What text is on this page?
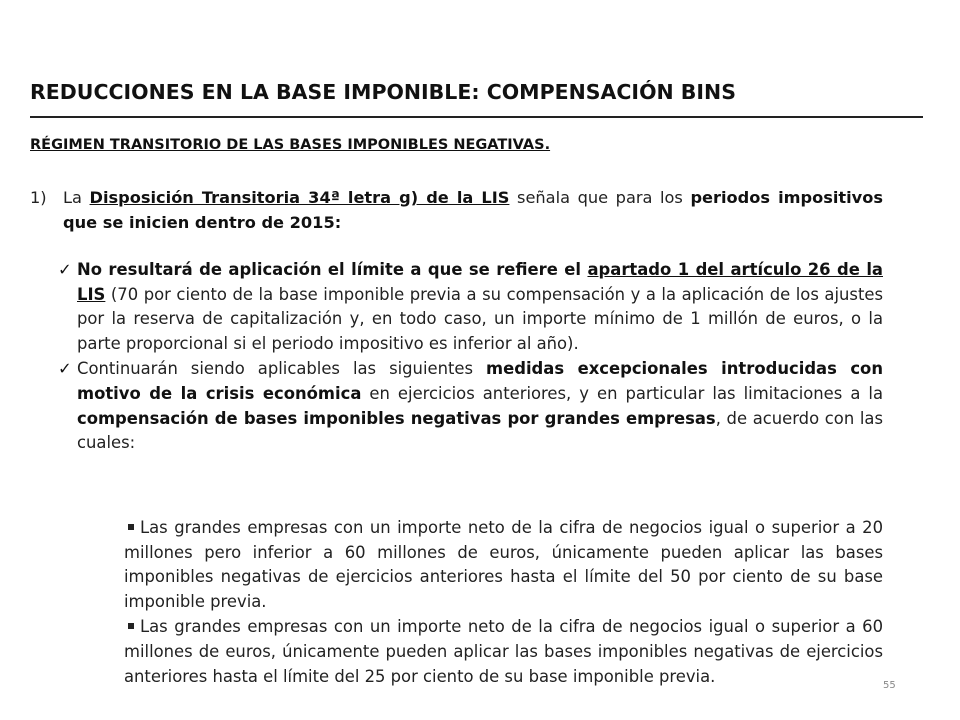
REDUCCIONES EN LA BASE IMPONIBLE: COMPENSACIÓN BINS
RÉGIMEN TRANSITORIO DE LAS BASES IMPONIBLES NEGATIVAS.
1) La Disposición Transitoria 34ª letra g) de la LIS señala que para los periodos impositivos que se inicien dentro de 2015:
✓ No resultará de aplicación el límite a que se refiere el apartado 1 del artículo 26 de la LIS (70 por ciento de la base imponible previa a su compensación y a la aplicación de los ajustes por la reserva de capitalización y, en todo caso, un importe mínimo de 1 millón de euros, o la parte proporcional si el periodo impositivo es inferior al año).
✓ Continuarán siendo aplicables las siguientes medidas excepcionales introducidas con motivo de la crisis económica en ejercicios anteriores, y en particular las limitaciones a la compensación de bases imponibles negativas por grandes empresas, de acuerdo con las cuales:
Las grandes empresas con un importe neto de la cifra de negocios igual o superior a 20 millones pero inferior a 60 millones de euros, únicamente pueden aplicar las bases imponibles negativas de ejercicios anteriores hasta el límite del 50 por ciento de su base imponible previa.
Las grandes empresas con un importe neto de la cifra de negocios igual o superior a 60 millones de euros, únicamente pueden aplicar las bases imponibles negativas de ejercicios anteriores hasta el límite del 25 por ciento de su base imponible previa.	55
